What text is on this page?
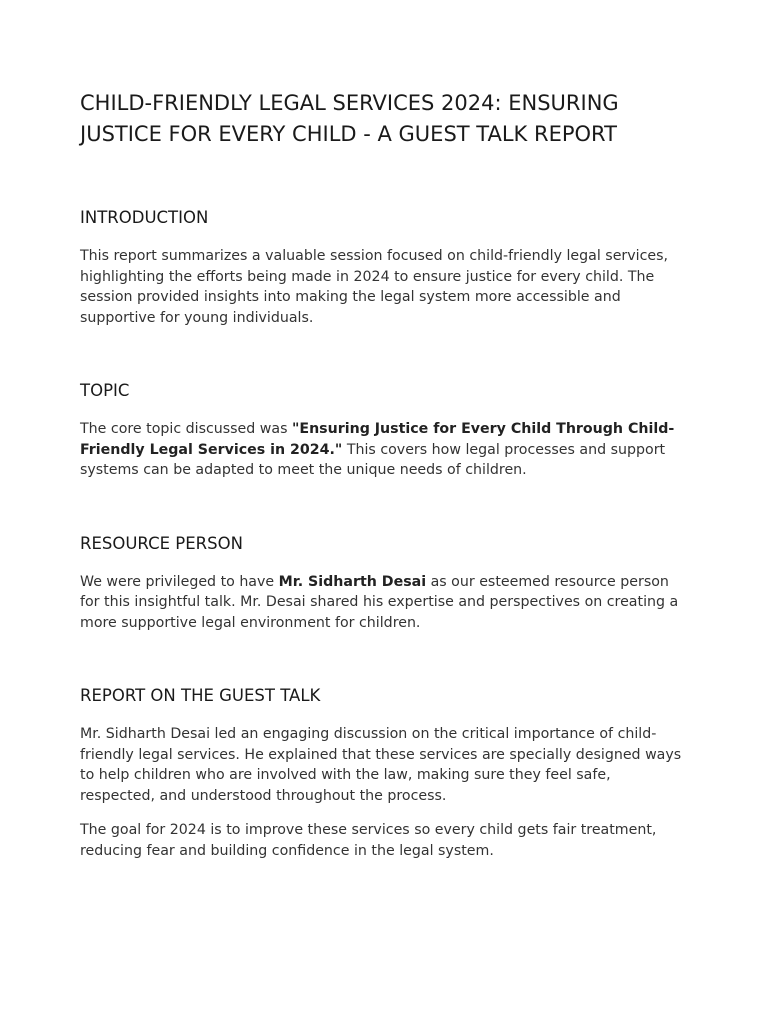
CHILD-FRIENDLY LEGAL SERVICES 2024: ENSURING JUSTICE FOR EVERY CHILD - A GUEST TALK REPORT
INTRODUCTION

This report summarizes a valuable session focused on child-friendly legal services, highlighting the efforts being made in 2024 to ensure justice for every child. The session provided insights into making the legal system more accessible and supportive for young individuals.

TOPIC

The core topic discussed was "Ensuring Justice for Every Child Through Child-Friendly Legal Services in 2024." This covers how legal processes and support systems can be adapted to meet the unique needs of children.

RESOURCE PERSON

We were privileged to have Mr. Sidharth Desai as our esteemed resource person for this insightful talk. Mr. Desai shared his expertise and perspectives on creating a more supportive legal environment for children.

REPORT ON THE GUEST TALK

Mr. Sidharth Desai led an engaging discussion on the critical importance of child-friendly legal services. He explained that these services are specially designed ways to help children who are involved with the law, making sure they feel safe, respected, and understood throughout the process.

The goal for 2024 is to improve these services so every child gets fair treatment, reducing fear and building confidence in the legal system.
